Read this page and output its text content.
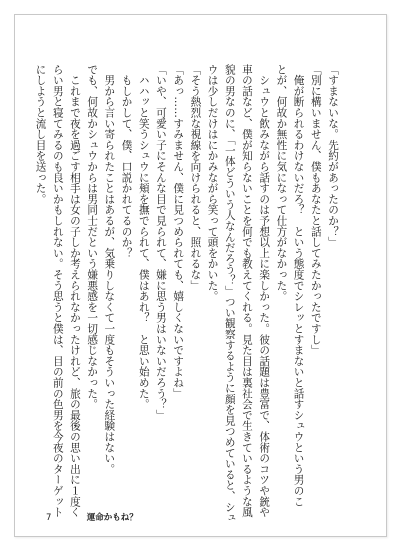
「すまないな。先約があったのか？」

「別に構いません、僕もあなたと話してみたかったですし」

　俺が断られるわけないだろ？　という態度でシレッとすまないと話すシュウという男のこ

とが、何故か無性に気になって仕方がなかった。

　シュウと飲みながら話すのは予想以上に楽しかった。彼の話題は豊富で、体術のコツや銃や

車の話など、僕が知らないことを何でも教えてくれる。見た目は裏社会で生きているような風

貌の男なのに、「一体どういう人なんだろう？」つい観察するように顔を見つめていると、シュ

ウは少しだけはにかみながら笑って頭をかいた。

「そう熱烈な視線を向けられると、照れるな」

「あっ……すみません、僕に見つめられても、嬉しくないですよね」

「いや、可愛い子にそんな目で見られて、嫌に思う男はいないだろう？」

　ハハッと笑うシュウに頬を撫でられて、僕はあれ？　と思い始めた。

　もしかして、僕、口説かれてるのか？

　男から言い寄られたことはあるが、気乗りしなくて一度もそういった経験はない。

でも、何故かシュウからは男同士だという嫌悪感を一切感じなかった。

　これまで夜を過ごす相手は女の子しか考えられなかったけれど、旅の最後の思い出に１度く

らい男と寝てみるのも良いかもしれない。そう思うと僕は、目の前の色男を今夜のターゲット

にしようと流し目を送った。

7	運命かもね？
